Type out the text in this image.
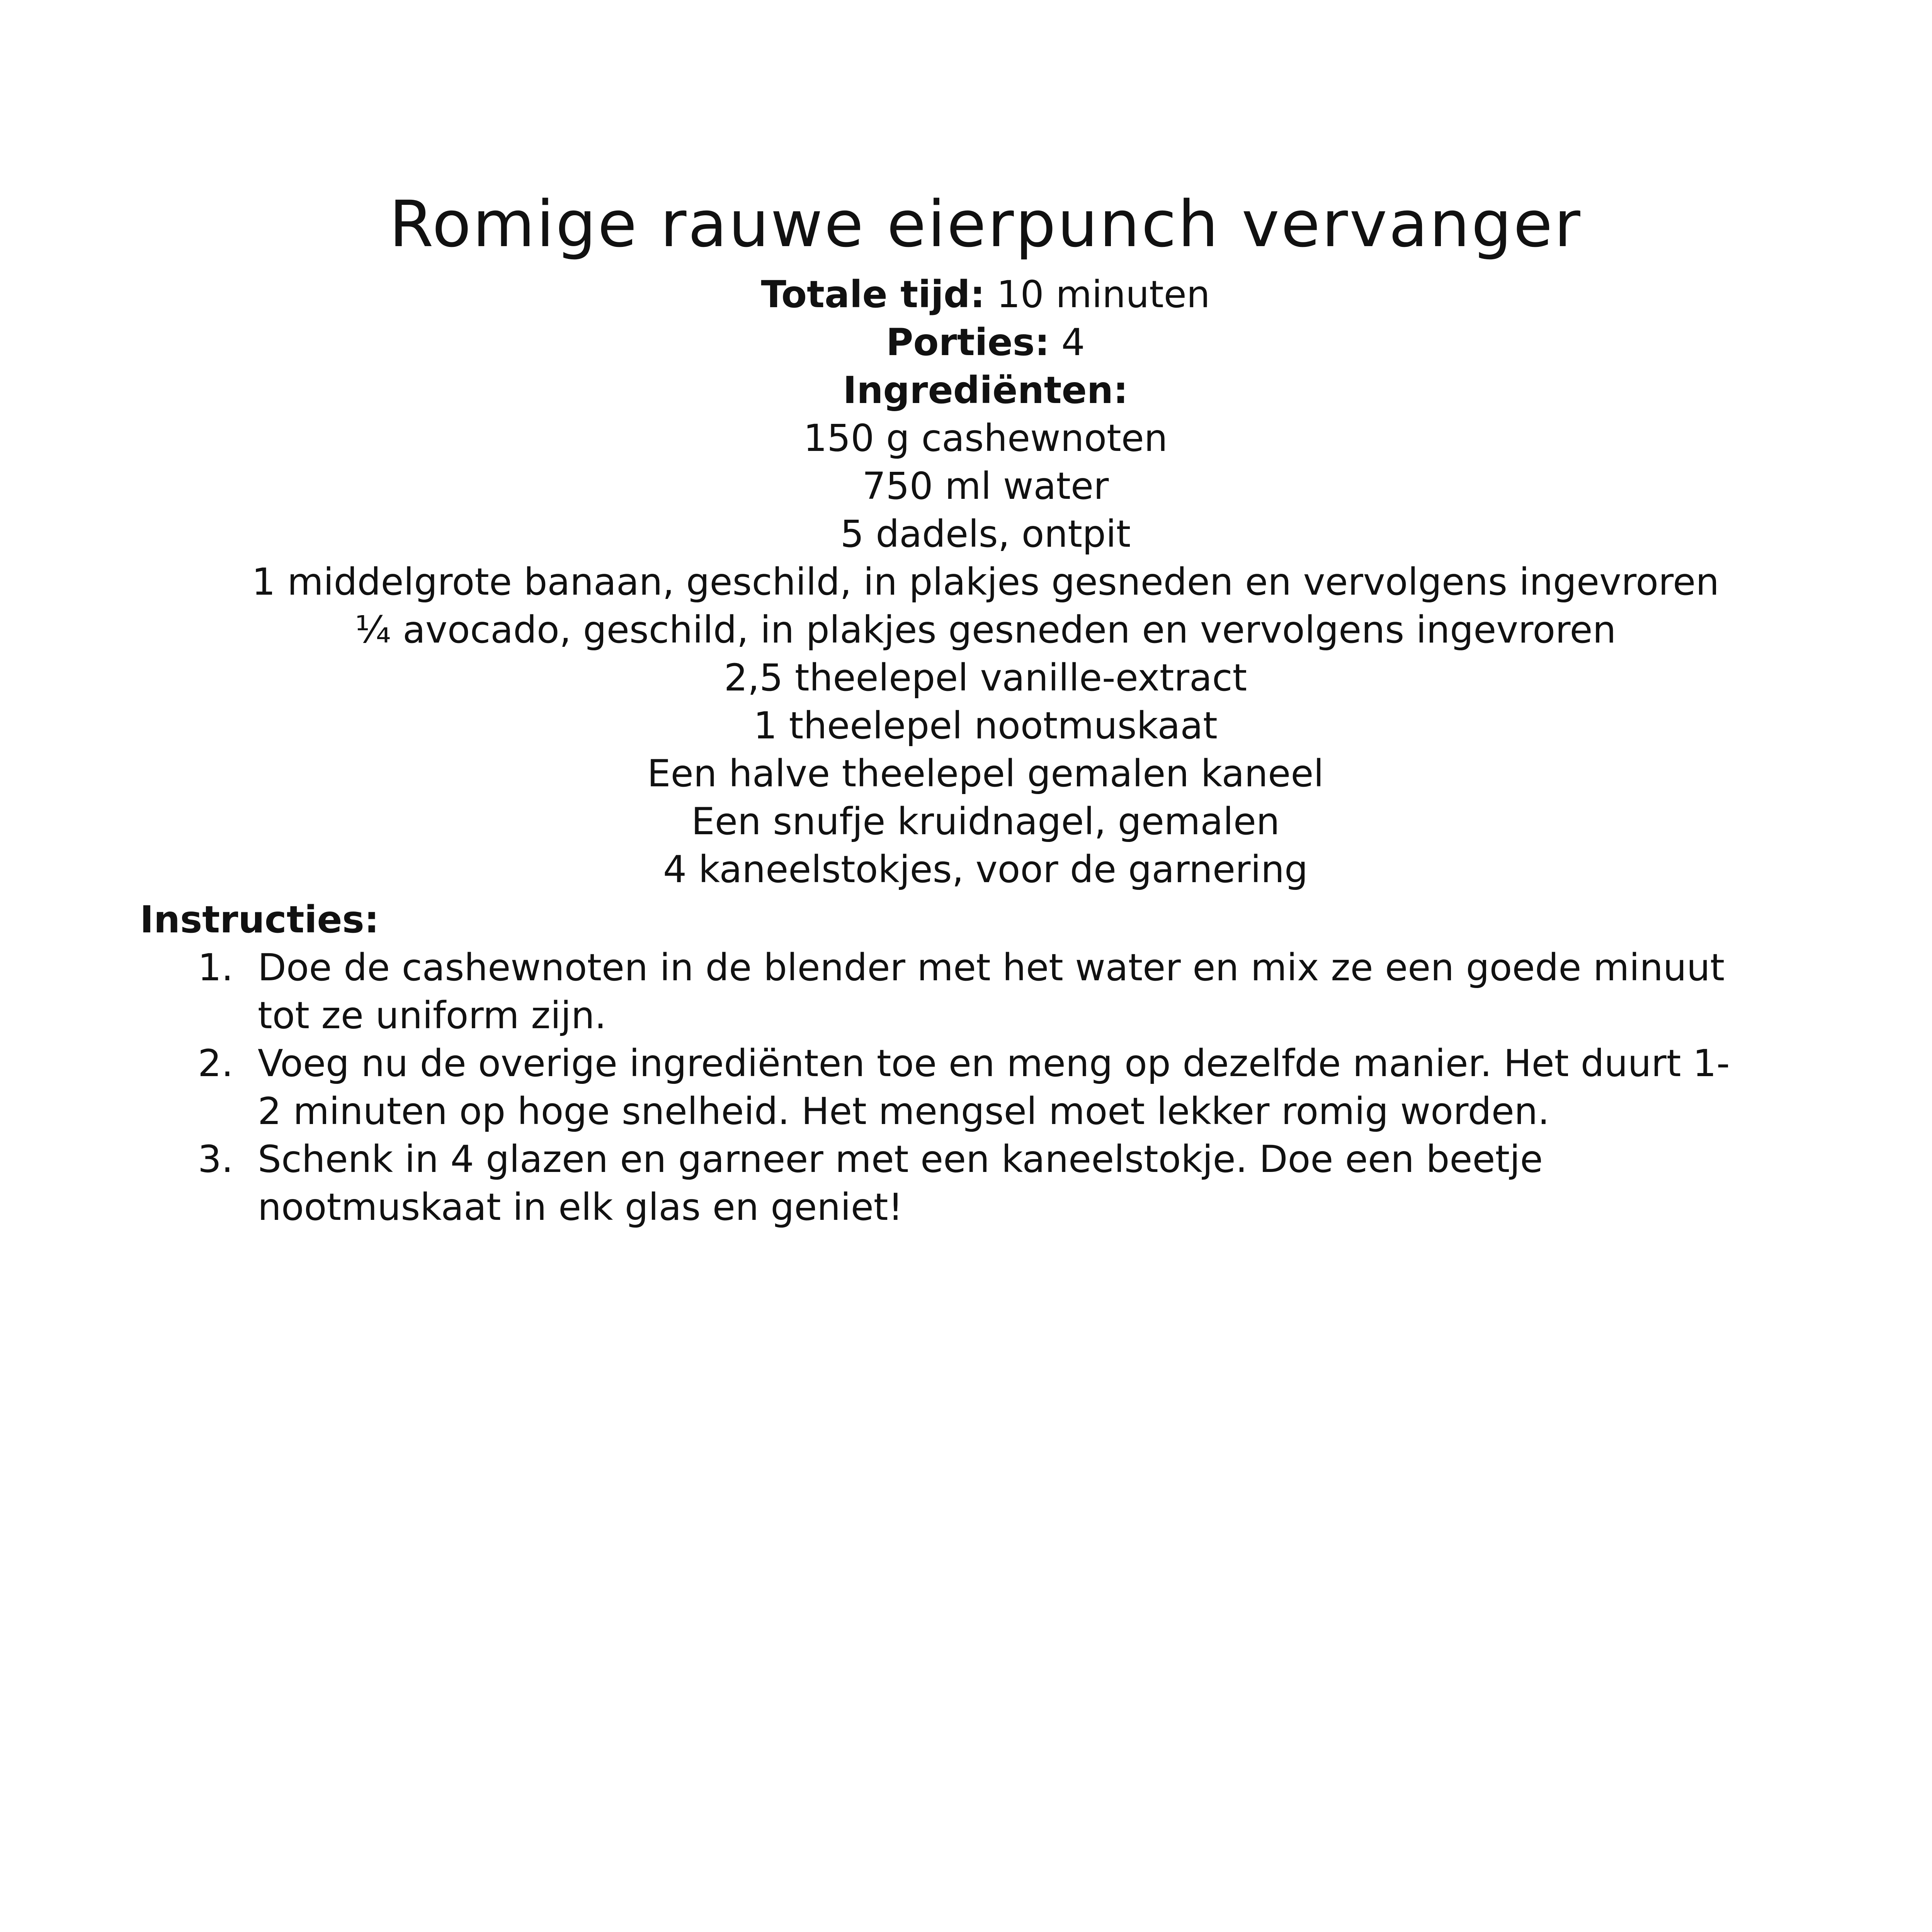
Romige rauwe eierpunch vervanger

Totale tijd: 10 minuten

Porties: 4

Ingrediënten:

150 g cashewnoten

750 ml water

5 dadels, ontpit

1 middelgrote banaan, geschild, in plakjes gesneden en vervolgens ingevroren

¼ avocado, geschild, in plakjes gesneden en vervolgens ingevroren

2,5 theelepel vanille-extract

1 theelepel nootmuskaat

Een halve theelepel gemalen kaneel

Een snufje kruidnagel, gemalen

4 kaneelstokjes, voor de garnering

Instructies:

1. Doe de cashewnoten in de blender met het water en mix ze een goede minuut
tot ze uniform zijn.
2. Voeg nu de overige ingrediënten toe en meng op dezelfde manier. Het duurt 1-
2 minuten op hoge snelheid. Het mengsel moet lekker romig worden.
3. Schenk in 4 glazen en garneer met een kaneelstokje. Doe een beetje
nootmuskaat in elk glas en geniet!
